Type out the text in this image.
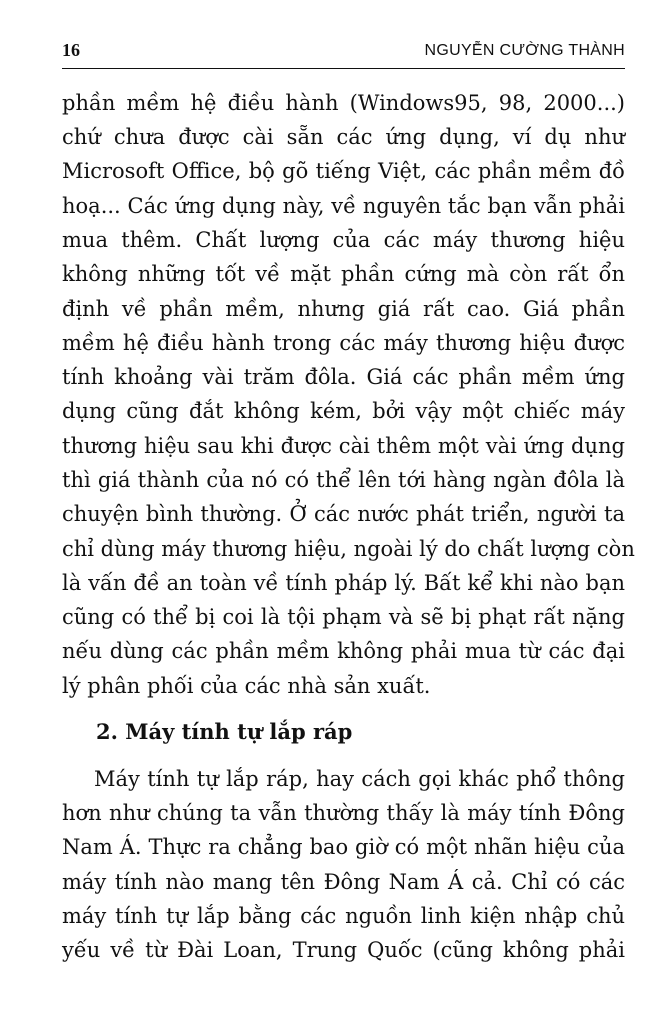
16	NGUYỄN CƯỜNG THÀNH
phần mềm hệ điều hành (Windows95, 98, 2000...)
chứ chưa được cài sẵn các ứng dụng, ví dụ như
Microsoft Office, bộ gõ tiếng Việt, các phần mềm đồ
hoạ... Các ứng dụng này, về nguyên tắc bạn vẫn phải
mua thêm. Chất lượng của các máy thương hiệu
không những tốt về mặt phần cứng mà còn rất ổn
định về phần mềm, nhưng giá rất cao. Giá phần
mềm hệ điều hành trong các máy thương hiệu được
tính khoảng vài trăm đôla. Giá các phần mềm ứng
dụng cũng đắt không kém, bởi vậy một chiếc máy
thương hiệu sau khi được cài thêm một vài ứng dụng
thì giá thành của nó có thể lên tới hàng ngàn đôla là
chuyện bình thường. Ở các nước phát triển, người ta
chỉ dùng máy thương hiệu, ngoài lý do chất lượng còn
là vấn đề an toàn về tính pháp lý. Bất kể khi nào bạn
cũng có thể bị coi là tội phạm và sẽ bị phạt rất nặng
nếu dùng các phần mềm không phải mua từ các đại
lý phân phối của các nhà sản xuất.
2. Máy tính tự lắp ráp
Máy tính tự lắp ráp, hay cách gọi khác phổ thông
hơn như chúng ta vẫn thường thấy là máy tính Đông
Nam Á. Thực ra chẳng bao giờ có một nhãn hiệu của
máy tính nào mang tên Đông Nam Á cả. Chỉ có các
máy tính tự lắp bằng các nguồn linh kiện nhập chủ
yếu về từ Đài Loan, Trung Quốc (cũng không phải
